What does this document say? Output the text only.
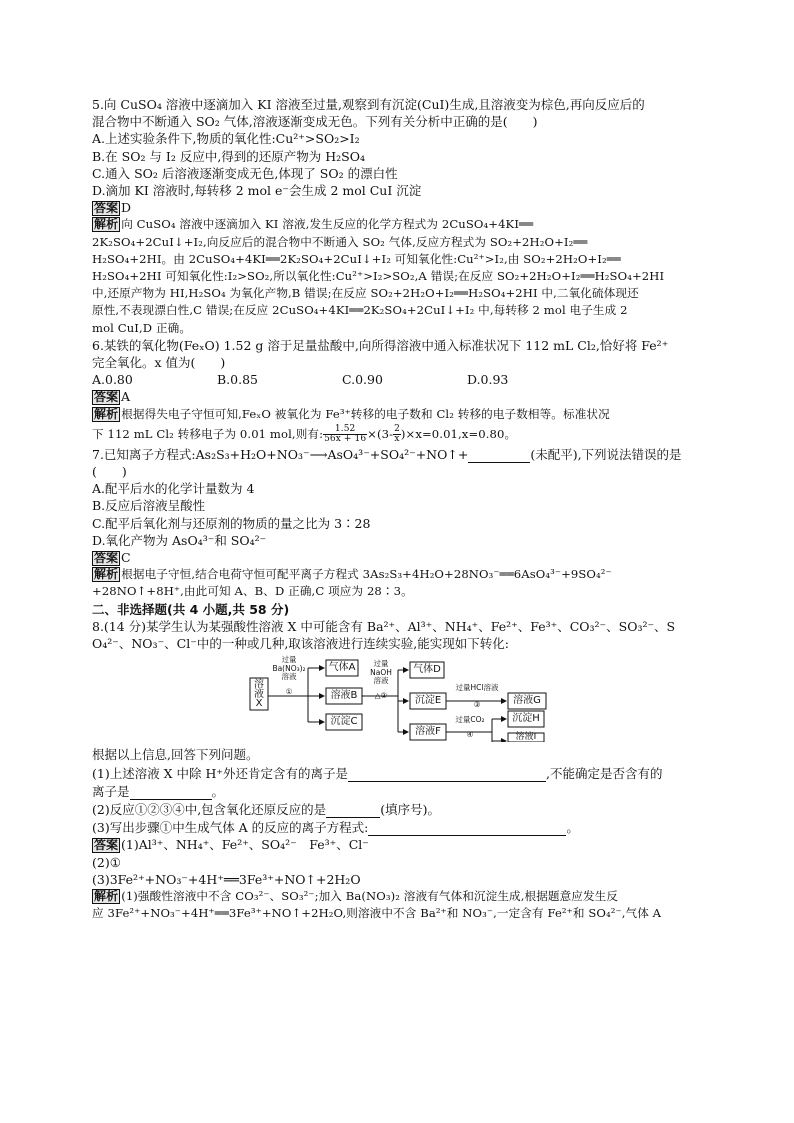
5.向 CuSO₄ 溶液中逐滴加入 KI 溶液至过量,观察到有沉淀(CuI)生成,且溶液变为棕色,再向反应后的
混合物中不断通入 SO₂ 气体,溶液逐渐变成无色。下列有关分析中正确的是(　　)
A.上述实验条件下,物质的氧化性:Cu²⁺>SO₂>I₂
B.在 SO₂ 与 I₂ 反应中,得到的还原产物为 H₂SO₄
C.通入 SO₂ 后溶液逐渐变成无色,体现了 SO₂ 的漂白性
D.滴加 KI 溶液时,每转移 2 mol e⁻会生成 2 mol CuI 沉淀
答案 D
解析 向 CuSO₄ 溶液中逐滴加入 KI 溶液,发生反应的化学方程式为 2CuSO₄+4KI══
2K₂SO₄+2CuI↓+I₂,向反应后的混合物中不断通入 SO₂ 气体,反应方程式为 SO₂+2H₂O+I₂══
H₂SO₄+2HI。由 2CuSO₄+4KI══2K₂SO₄+2CuI↓+I₂ 可知氧化性:Cu²⁺>I₂,由 SO₂+2H₂O+I₂══
H₂SO₄+2HI 可知氧化性:I₂>SO₂,所以氧化性:Cu²⁺>I₂>SO₂,A 错误;在反应 SO₂+2H₂O+I₂══H₂SO₄+2HI
中,还原产物为 HI,H₂SO₄ 为氧化产物,B 错误;在反应 SO₂+2H₂O+I₂══H₂SO₄+2HI 中,二氧化硫体现还
原性,不表现漂白性,C 错误;在反应 2CuSO₄+4KI══2K₂SO₄+2CuI↓+I₂ 中,每转移 2 mol 电子生成 2
mol CuI,D 正确。
6.某铁的氧化物(FeₓO) 1.52 g 溶于足量盐酸中,向所得溶液中通入标准状况下 112 mL Cl₂,恰好将 Fe²⁺
完全氧化。x 值为(　　)
A.0.80	B.0.85	C.0.90	D.0.93
答案 A
解析 根据得失电子守恒可知,FeₓO 被氧化为 Fe³⁺转移的电子数和 Cl₂ 转移的电子数相等。标准状况
下 112 mL Cl₂ 转移电子为 0.01 mol,则有: $\frac{1.52}{56x + 16} \times(3- \frac{2}{x} )\times x=0.01,x=0.80$。
7.已知离子方程式:As₂S₃+H₂O+NO₃⁻⟶AsO₄³⁻+SO₄²⁻+NO↑+	(未配平),下列说法错误的是
(　　)
A.配平后水的化学计量数为 4
B.反应后溶液呈酸性
C.配平后氧化剂与还原剂的物质的量之比为 3∶28
D.氧化产物为 AsO₄³⁻和 SO₄²⁻
答案 C
解析 根据电子守恒,结合电荷守恒可配平离子方程式 3As₂S₃+4H₂O+28NO₃⁻══6AsO₄³⁻+9SO₄²⁻
+28NO↑+8H⁺,由此可知 A、B、D 正确,C 项应为 28∶3。
二、非选择题(共 4 小题,共 58 分)
8.(14 分)某学生认为某强酸性溶液 X 中可能含有 Ba²⁺、Al³⁺、NH₄⁺、Fe²⁺、Fe³⁺、CO₃²⁻、SO₃²⁻、S
O₄²⁻、NO₃⁻、Cl⁻中的一种或几种,取该溶液进行连续实验,能实现如下转化:
溶液X
过量
Ba(NO₃)₂
溶液
①
气体A
溶液B
沉淀C
过量
NaOH
溶液
△②
气体D
沉淀E
溶液F
过量HCl溶液
③	溶液G
过量CO₂
④
沉淀H
溶液I
根据以上信息,回答下列问题。
(1)上述溶液 X 中除 H⁺外还肯定含有的离子是	,不能确定是否含有的
离子是	。
(2)反应①②③④中,包含氧化还原反应的是	(填序号)。
(3)写出步骤①中生成气体 A 的反应的离子方程式:	。
答案 (1)Al³⁺、NH₄⁺、Fe²⁺、SO₄²⁻　Fe³⁺、Cl⁻
(2)①
(3)3Fe²⁺+NO₃⁻+4H⁺══3Fe³⁺+NO↑+2H₂O
解析 (1)强酸性溶液中不含 CO₃²⁻、SO₃²⁻;加入 Ba(NO₃)₂ 溶液有气体和沉淀生成,根据题意应发生反
应 3Fe²⁺+NO₃⁻+4H⁺══3Fe³⁺+NO↑+2H₂O,则溶液中不含 Ba²⁺和 NO₃⁻,一定含有 Fe²⁺和 SO₄²⁻,气体 A
